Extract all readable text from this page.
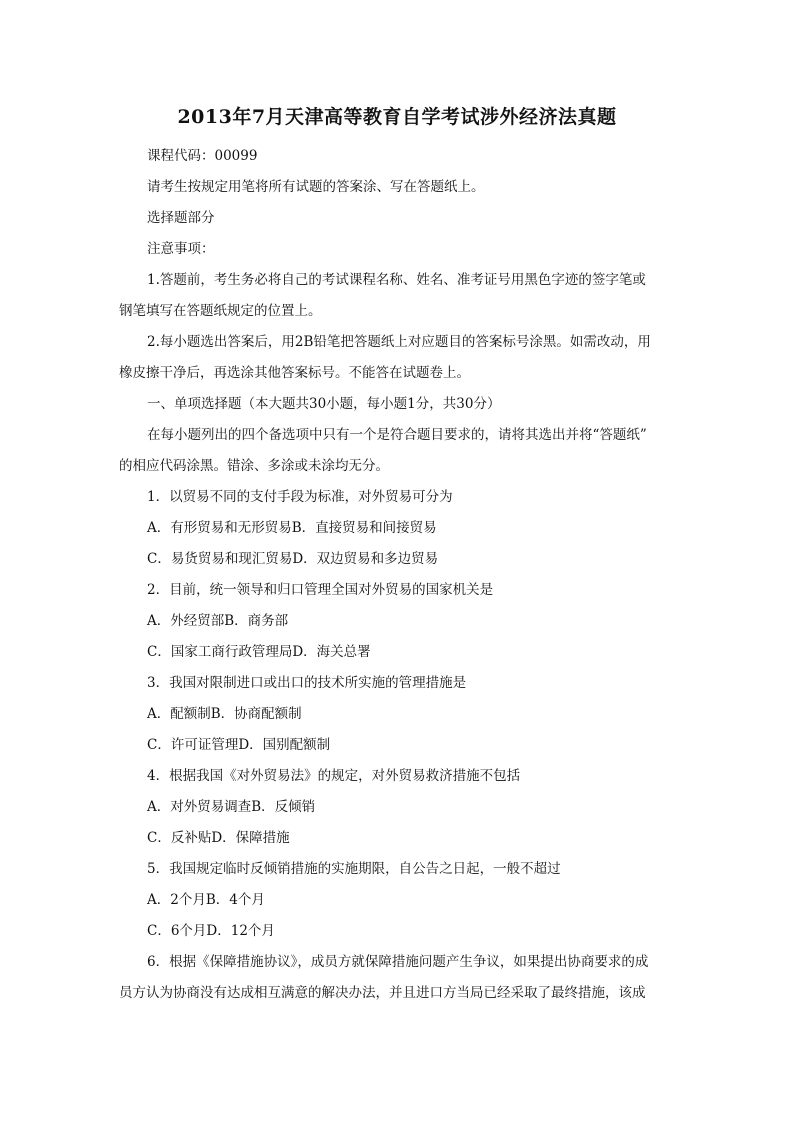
2013年7月天津高等教育自学考试涉外经济法真题

课程代码：00099

请考生按规定用笔将所有试题的答案涂、写在答题纸上。

选择题部分

注意事项：

1.答题前，考生务必将自己的考试课程名称、姓名、准考证号用黑色字迹的签字笔或

钢笔填写在答题纸规定的位置上。

2.每小题选出答案后，用2B铅笔把答题纸上对应题目的答案标号涂黑。如需改动，用

橡皮擦干净后，再选涂其他答案标号。不能答在试题卷上。

一、单项选择题（本大题共30小题，每小题1分，共30分）

在每小题列出的四个备选项中只有一个是符合题目要求的，请将其选出并将“答题纸”

的相应代码涂黑。错涂、多涂或未涂均无分。

1．以贸易不同的支付手段为标准，对外贸易可分为

A．有形贸易和无形贸易B．直接贸易和间接贸易

C．易货贸易和现汇贸易D．双边贸易和多边贸易

2．目前，统一领导和归口管理全国对外贸易的国家机关是

A．外经贸部B．商务部

C．国家工商行政管理局D．海关总署

3．我国对限制进口或出口的技术所实施的管理措施是

A．配额制B．协商配额制

C．许可证管理D．国别配额制

4．根据我国《对外贸易法》的规定，对外贸易救济措施不包括

A．对外贸易调查B．反倾销

C．反补贴D．保障措施

5．我国规定临时反倾销措施的实施期限，自公告之日起，一般不超过

A．2个月B．4个月

C．6个月D．12个月

6．根据《保障措施协议》，成员方就保障措施问题产生争议，如果提出协商要求的成

员方认为协商没有达成相互满意的解决办法，并且进口方当局已经采取了最终措施，该成
